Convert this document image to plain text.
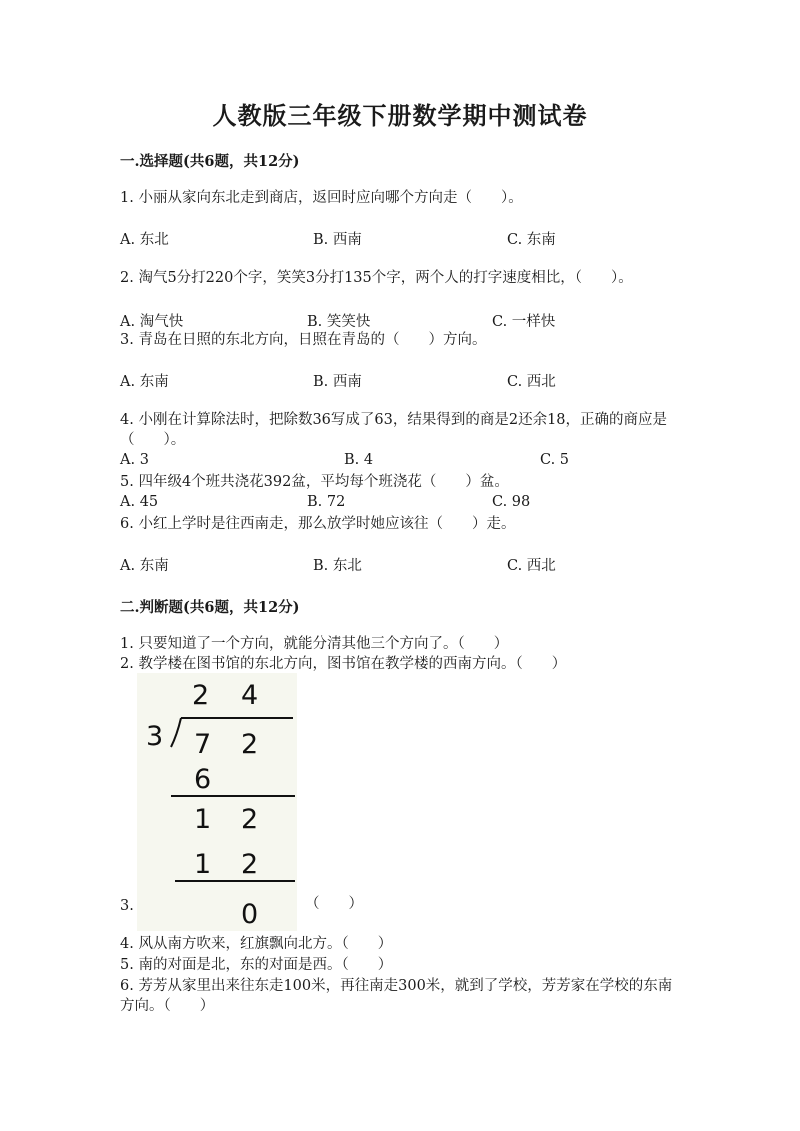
人教版三年级下册数学期中测试卷
一.选择题(共6题，共12分)
1. 小丽从家向东北走到商店，返回时应向哪个方向走（　　）。
A. 东北	B. 西南	C. 东南
2. 淘气5分打220个字，笑笑3分打135个字，两个人的打字速度相比，（　　）。
A. 淘气快	B. 笑笑快	C. 一样快
3. 青岛在日照的东北方向，日照在青岛的（　　）方向。
A. 东南	B. 西南	C. 西北
4. 小刚在计算除法时，把除数36写成了63，结果得到的商是2还余18，正确的商应是（　　）。
A. 3	B. 4	C. 5
5. 四年级4个班共浇花392盆，平均每个班浇花（　　）盆。
A. 45	B. 72	C. 98
6. 小红上学时是往西南走，那么放学时她应该往（　　）走。
A. 东南	B. 东北	C. 西北
二.判断题(共6题，共12分)
1. 只要知道了一个方向，就能分清其他三个方向了。（　　）
2. 教学楼在图书馆的东北方向，图书馆在教学楼的西南方向。（　　）
2 4
3 7 2
6
1 2
1 2
0
3.	（　　）
4. 风从南方吹来，红旗飘向北方。（　　）
5. 南的对面是北，东的对面是西。（　　）
6. 芳芳从家里出来往东走100米，再往南走300米，就到了学校，芳芳家在学校的东南方向。（　　）
